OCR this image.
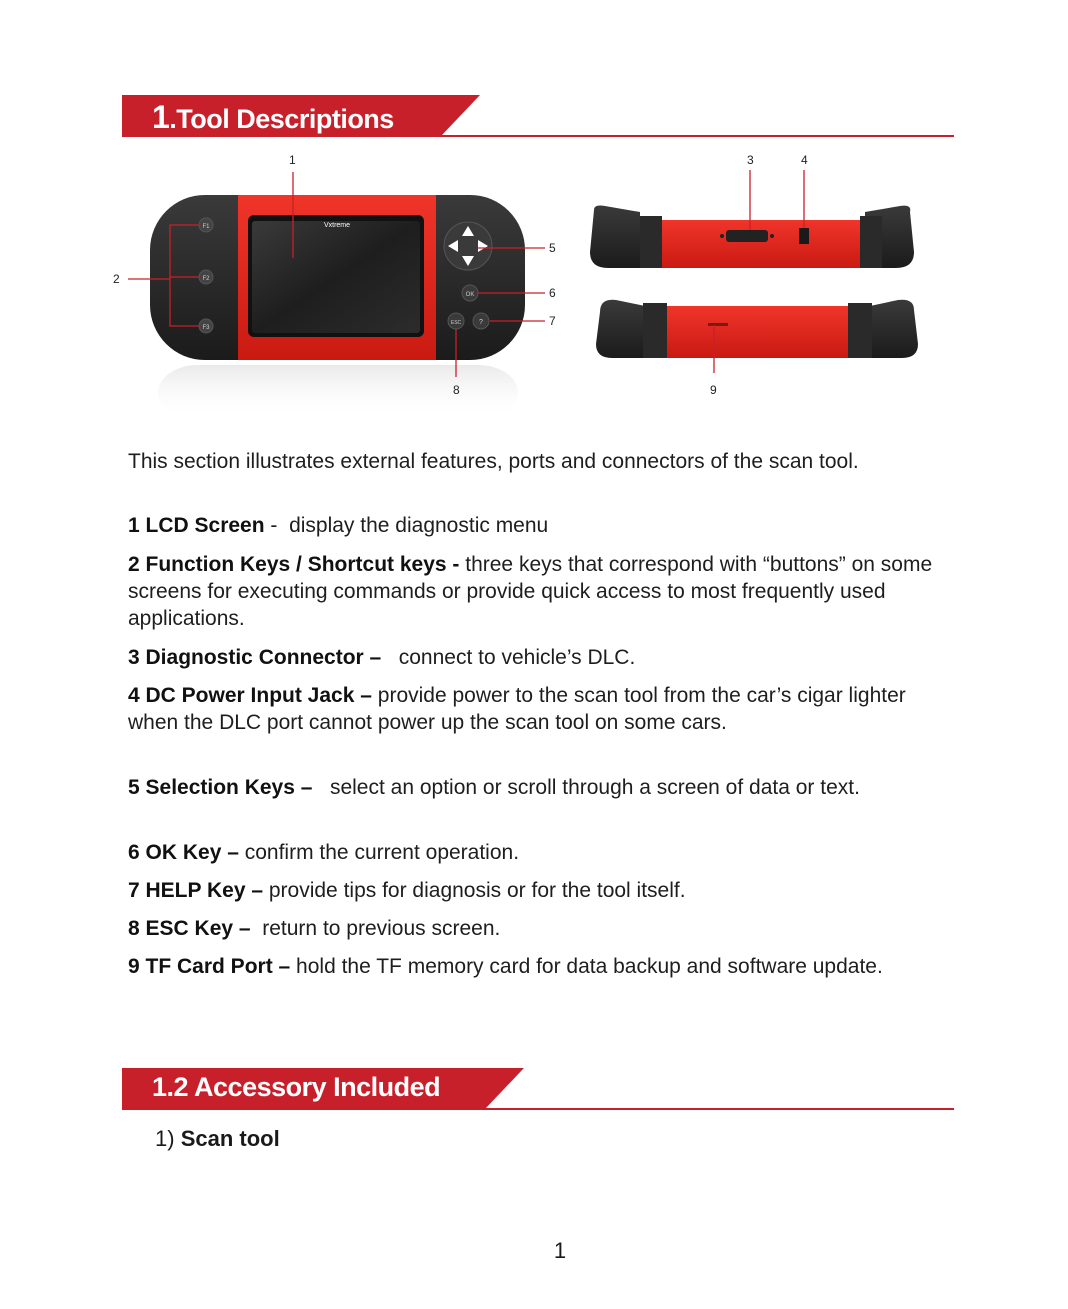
1.Tool Descriptions
Vxtreme
F1
F2
F3
OK
ESC	?
1
2
3	4
5
6
7
8	9
This section illustrates external features, ports and connectors of the scan tool.
1 LCD Screen -  display the diagnostic menu
2 Function Keys / Shortcut keys - three keys that correspond with “buttons” on some screens for executing commands or provide quick access to most frequently used applications.
3 Diagnostic Connector – connect to vehicle’s DLC.
4 DC Power Input Jack – provide power to the scan tool from the car’s cigar lighter when the DLC port cannot power up the scan tool on some cars.
5 Selection Keys – select an option or scroll through a screen of data or text.
6 OK Key – confirm the current operation.
7 HELP Key – provide tips for diagnosis or for the tool itself.
8 ESC Key – return to previous screen.
9 TF Card Port – hold the TF memory card for data backup and software update.
1.2 Accessory Included
1) Scan tool
1
